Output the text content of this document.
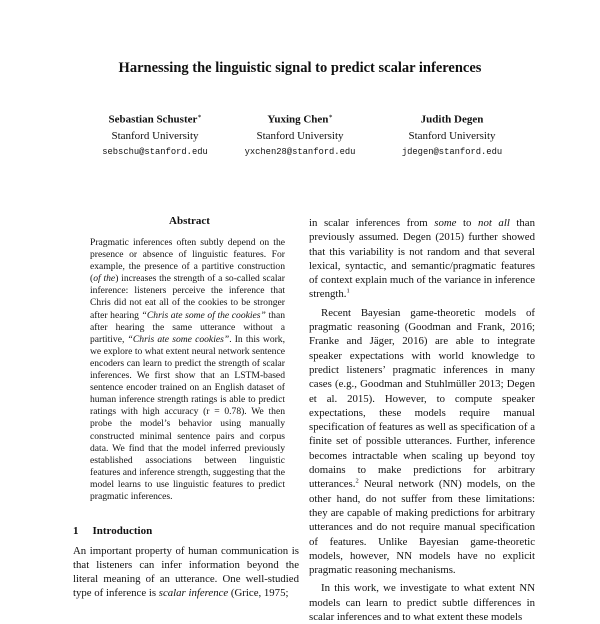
Harnessing the linguistic signal to predict scalar inferences
Sebastian Schuster∗
Stanford University
sebschu@stanford.edu
Yuxing Chen∗
Stanford University
yxchen28@stanford.edu
Judith Degen
Stanford University
jdegen@stanford.edu
Abstract

Pragmatic inferences often subtly depend on the presence or absence of linguistic features. For example, the presence of a partitive construction (of the) increases the strength of a so-called scalar inference: listeners perceive the inference that Chris did not eat all of the cookies to be stronger after hearing “Chris ate some of the cookies” than after hearing the same utterance without a partitive, “Chris ate some cookies”. In this work, we explore to what extent neural network sentence encoders can learn to predict the strength of scalar inferences. We first show that an LSTM-based sentence encoder trained on an English dataset of human inference strength ratings is able to predict ratings with high accuracy (r = 0.78). We then probe the model’s behavior using manually constructed minimal sentence pairs and corpus data. We find that the model inferred previously established associations between linguistic features and inference strength, suggesting that the model learns to use linguistic features to predict pragmatic inferences.

1 Introduction

An important property of human communication is that listeners can infer information beyond the literal meaning of an utterance. One well-studied type of inference is scalar inference (Grice, 1975;

in scalar inferences from some to not all than previously assumed. Degen (2015) further showed that this variability is not random and that several lexical, syntactic, and semantic/pragmatic features of context explain much of the variance in inference strength.$^1$

Recent Bayesian game-theoretic models of pragmatic reasoning (Goodman and Frank, 2016; Franke and Jäger, 2016) are able to integrate speaker expectations with world knowledge to predict listeners’ pragmatic inferences in many cases (e.g., Goodman and Stuhlmüller 2013; Degen et al. 2015). However, to compute speaker expectations, these models require manual specification of features as well as specification of a finite set of possible utterances. Further, inference becomes intractable when scaling up beyond toy domains to make predictions for arbitrary utterances.$^2$ Neural network (NN) models, on the other hand, do not suffer from these limitations: they are capable of making predictions for arbitrary utterances and do not require manual specification of features. Unlike Bayesian game-theoretic models, however, NN models have no explicit pragmatic reasoning mechanisms.

In this work, we investigate to what extent NN models can learn to predict subtle differences in scalar inferences and to what extent these models
